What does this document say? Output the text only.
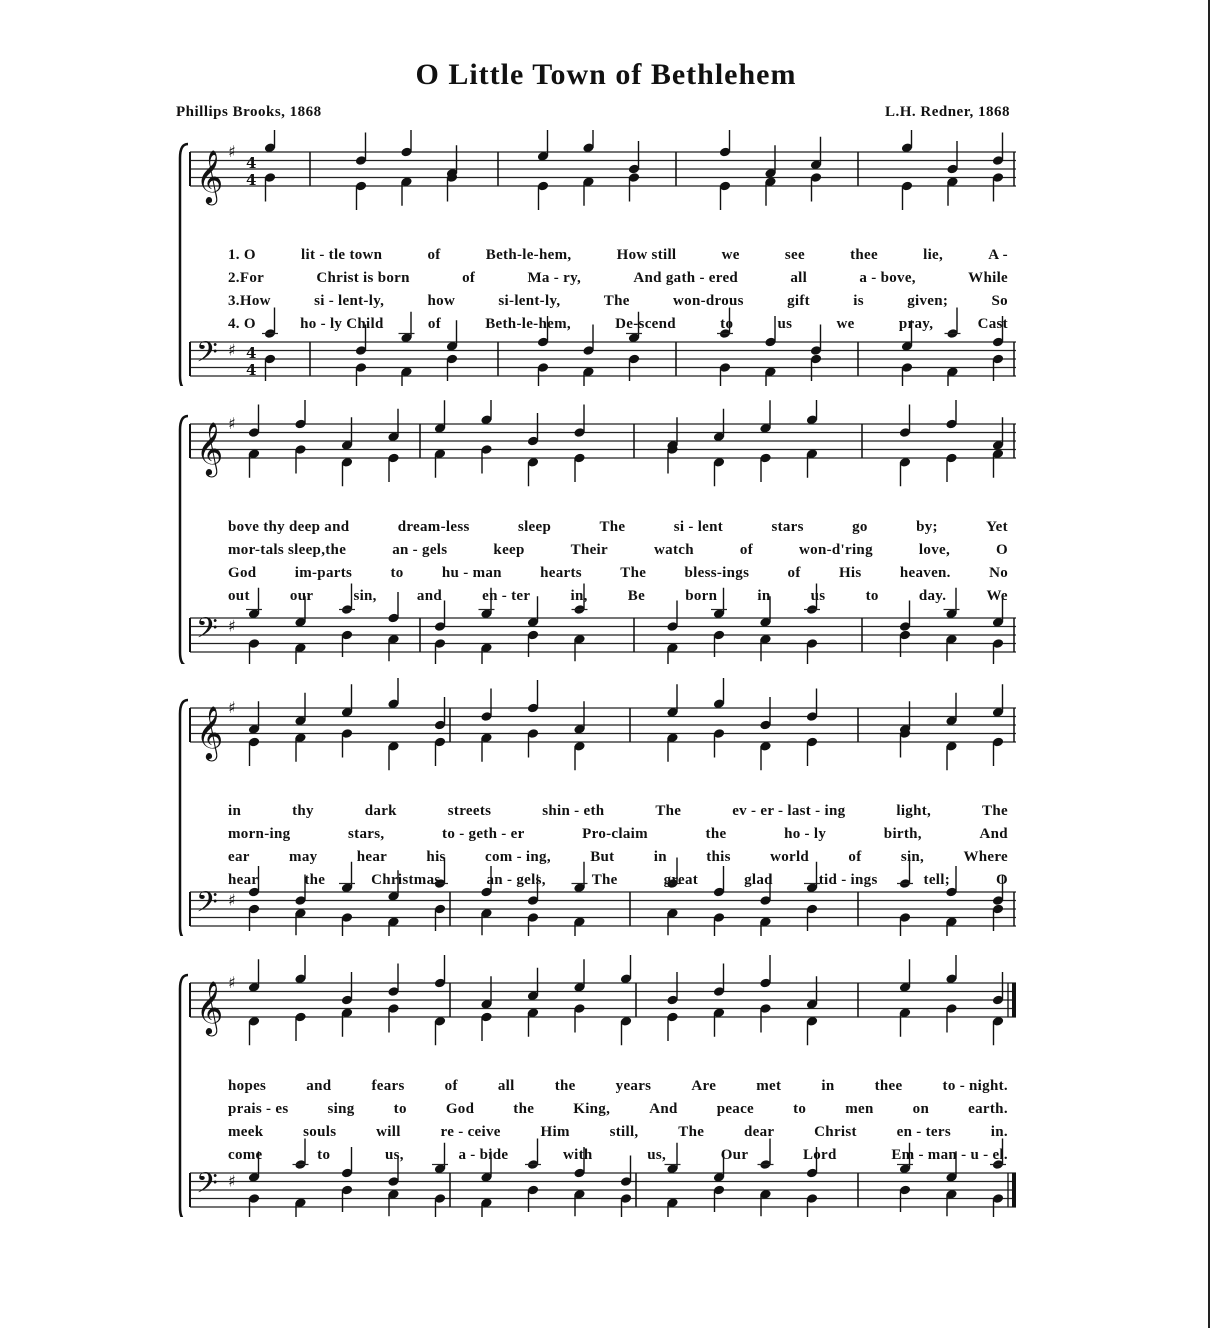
O Little Town of Bethlehem
Phillips Brooks, 1868	L.H. Redner, 1868
𝄞
𝄢
♯
♯
4
4
4
4
1. O	lit - tle town	of	Beth-le-hem,	How still	we	see	thee	lie,	A -
2.For	Christ is born	of	Ma - ry,	And gath - ered	all	a - bove,	While
3.How	si - lent-ly,	how	si-lent-ly,	The	won-drous	gift	is	given;	So
4. O	ho - ly Child	of	Beth-le-hem,	De-scend	to	us	we	pray,	Cast
𝄞
𝄢
♯
♯
bove thy deep and	dream-less	sleep	The	si - lent	stars	go	by;	Yet
mor-tals sleep,the	an - gels	keep	Their	watch	of	won-d'ring	love,	O
God	im-parts	to	hu - man	hearts	The	bless-ings	of	His	heaven.	No
out	our	sin,	and	en - ter	in,	Be	born	in	us	to	day.	We
𝄞
𝄢
♯
♯
in	thy	dark	streets	shin - eth	The	ev - er - last - ing	light,	The
morn-ing	stars,	to - geth - er	Pro-claim	the	ho - ly	birth,	And
ear	may	hear	his	com - ing,	But	in	this	world	of	sin,	Where
hear	the	Christmas	an - gels,	The	great	glad	tid - ings	tell;	O
𝄞
𝄢
♯
♯
hopes	and	fears	of	all	the	years	Are	met	in	thee	to - night.
prais - es	sing	to	God	the	King,	And	peace	to	men	on	earth.
meek	souls	will	re - ceive	Him	still,	The	dear	Christ	en - ters	in.
come	to	us,	a - bide	with	us,	Our	Lord	Em - man - u - el.
